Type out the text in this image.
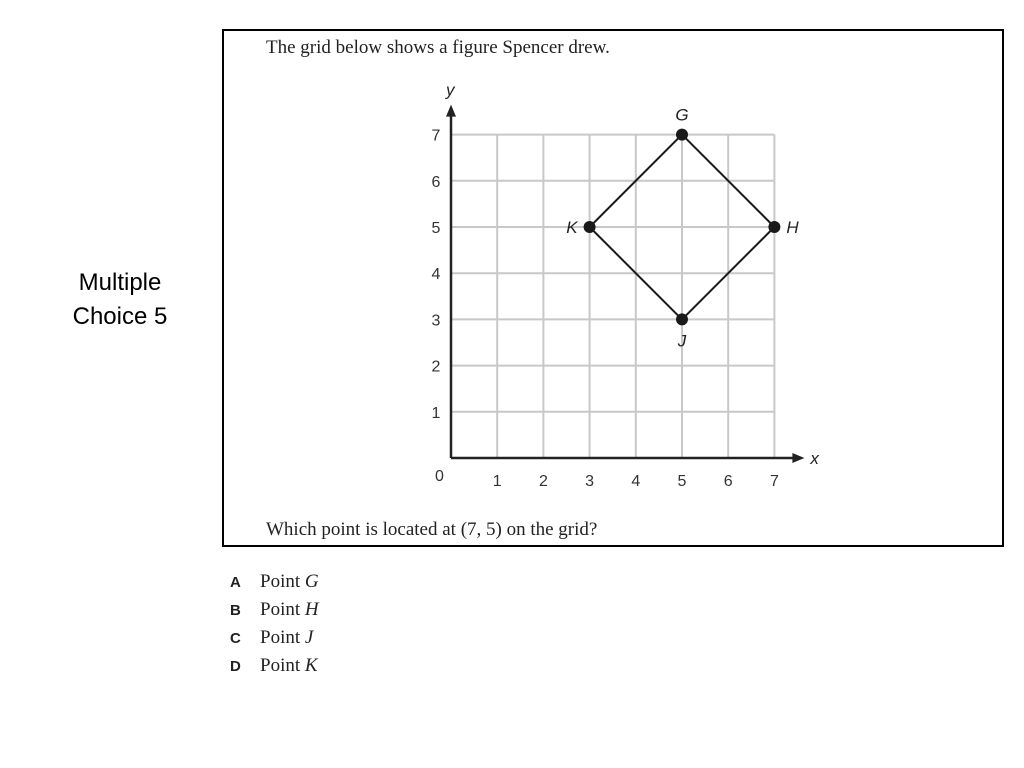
Multiple
Choice 5
The grid below shows a figure Spencer drew.
x
y
0	1 2 3 4 5 6 7
1
2
3
4
5
6
7
G
H
J
K
Which point is located at (7, 5) on the grid?
A	Point
G
B	Point
H
C	Point
J
D	Point
K
